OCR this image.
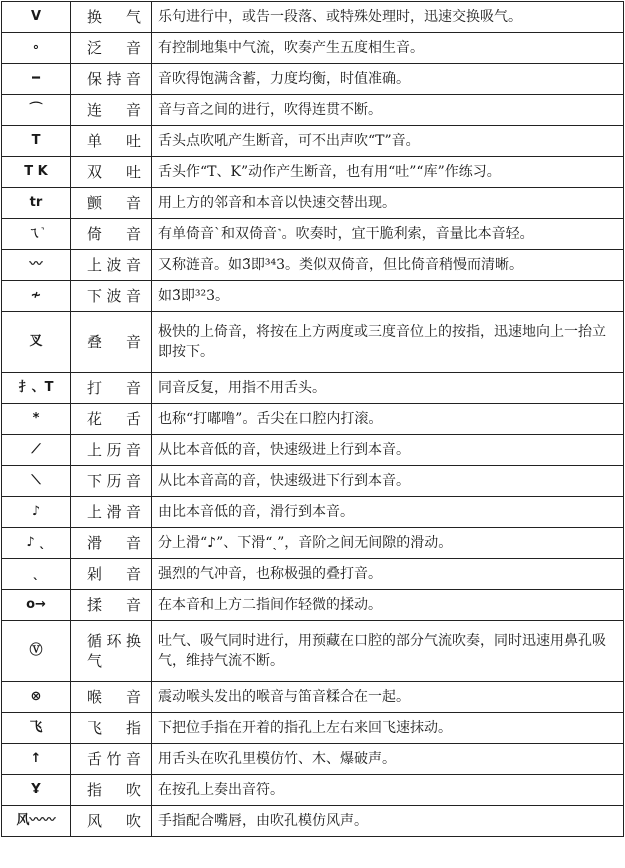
V	换　气	乐句进行中，或告一段落、或特殊处理时，迅速交换吸气。
∘	泛　音	有控制地集中气流，吹奏产生五度相生音。
━	保持音	音吹得饱满含蓄，力度均衡，时值准确。
⌒	连　音	音与音之间的进行，吹得连贯不断。
T	单　吐	舌头点吹吼产生断音，可不出声吹“T”音。
T K	双　吐	舌头作“T、K”动作产生断音，也有用“吐”“库”作练习。
tr	颤　音	用上方的邻音和本音以快速交替出现。
ㄟ˺	倚　音	有单倚音ˋ和双倚音˺。吹奏时，宜干脆利索，音量比本音轻。
〰	上波音	又称涟音。如3̃即³⁴3。类似双倚音，但比倚音稍慢而清晰。
≁	下波音	如3̃即³²3。
叉	叠　音	极快的上倚音，将按在上方两度或三度音位上的按指，迅速地向上一抬立即按下。
扌、T	打　音	同音反复，用指不用舌头。
*	花　舌	也称“打嘟噜”。舌尖在口腔内打滚。
⟋	上历音	从比本音低的音，快速级进上行到本音。
⟍	下历音	从比本音高的音，快速级进下行到本音。
♪	上滑音	由比本音低的音，滑行到本音。
♪ ˎ	滑　音	分上滑“♪”、下滑“ˎ”，音阶之间无间隙的滑动。
ˎ	剁　音	强烈的气冲音，也称极强的叠打音。
o→	揉　音	在本音和上方二指间作轻微的揉动。
Ⓥ	循环换气	吐气、吸气同时进行，用预藏在口腔的部分气流吹奏，同时迅速用鼻孔吸气，维持气流不断。
⊗	喉　音	震动喉头发出的喉音与笛音糅合在一起。
飞	飞　指	下把位手指在开着的指孔上左右来回飞速抹动。
↑	舌竹音	用舌头在吹孔里模仿竹、木、爆破声。
Ұ	指　吹	在按孔上奏出音符。
风〰〰	风　吹	手指配合嘴唇，由吹孔模仿风声。
